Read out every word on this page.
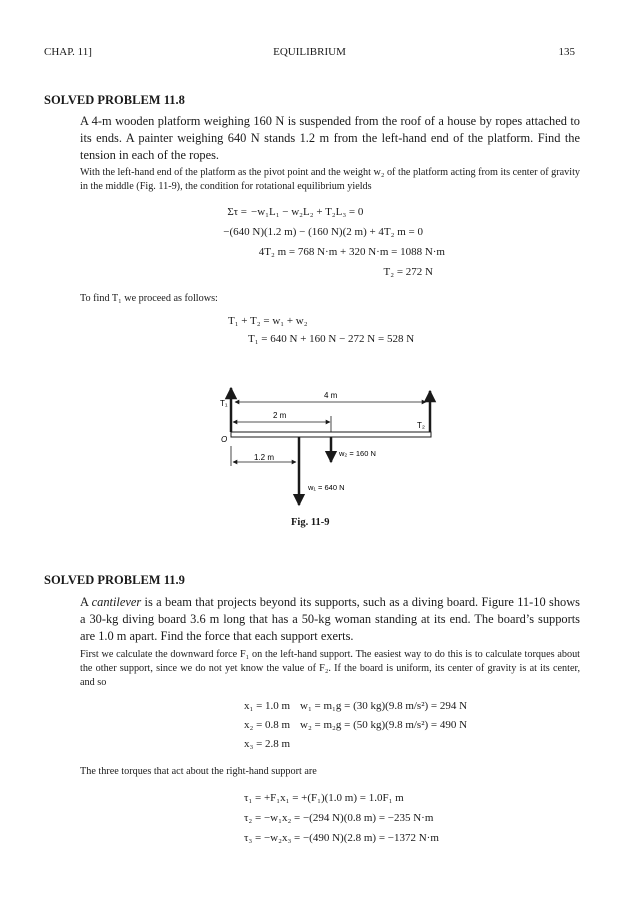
CHAP. 11]	EQUILIBRIUM	135
SOLVED PROBLEM 11.8
A 4-m wooden platform weighing 160 N is suspended from the roof of a house by ropes attached to its ends. A painter weighing 640 N stands 1.2 m from the left-hand end of the platform. Find the tension in each of the ropes.
With the left-hand end of the platform as the pivot point and the weight w₂ of the platform acting from its center of gravity in the middle (Fig. 11-9), the condition for rotational equilibrium yields
Στ = −w₁L₁ − w₂L₂ + T₂L₃ = 0
−(640 N)(1.2 m) − (160 N)(2 m) + 4T₂ m = 0
4T₂ m = 768 N·m + 320 N·m = 1088 N·m
T₂ = 272 N
To find T₁ we proceed as follows:
T₁ + T₂ = w₁ + w₂
T₁ = 640 N + 160 N − 272 N = 528 N
4 m
2 m
1.2 m
T₁
T₂
O
w₂ = 160 N
w₁ = 640 N
Fig. 11-9
SOLVED PROBLEM 11.9
A cantilever is a beam that projects beyond its supports, such as a diving board. Figure 11-10 shows a 30-kg diving board 3.6 m long that has a 50-kg woman standing at its end. The board’s supports are 1.0 m apart. Find the force that each support exerts.
First we calculate the downward force F₁ on the left-hand support. The easiest way to do this is to calculate torques about the other support, since we do not yet know the value of F₂. If the board is uniform, its center of gravity is at its center, and so
x₁ = 1.0 m w₁ = m₁g = (30 kg)(9.8 m/s²) = 294 N
x₂ = 0.8 m w₂ = m₂g = (50 kg)(9.8 m/s²) = 490 N
x₃ = 2.8 m
The three torques that act about the right-hand support are
τ₁ = +F₁x₁ = +(F₁)(1.0 m) = 1.0F₁ m
τ₂ = −w₁x₂ = −(294 N)(0.8 m) = −235 N·m
τ₃ = −w₂x₃ = −(490 N)(2.8 m) = −1372 N·m
